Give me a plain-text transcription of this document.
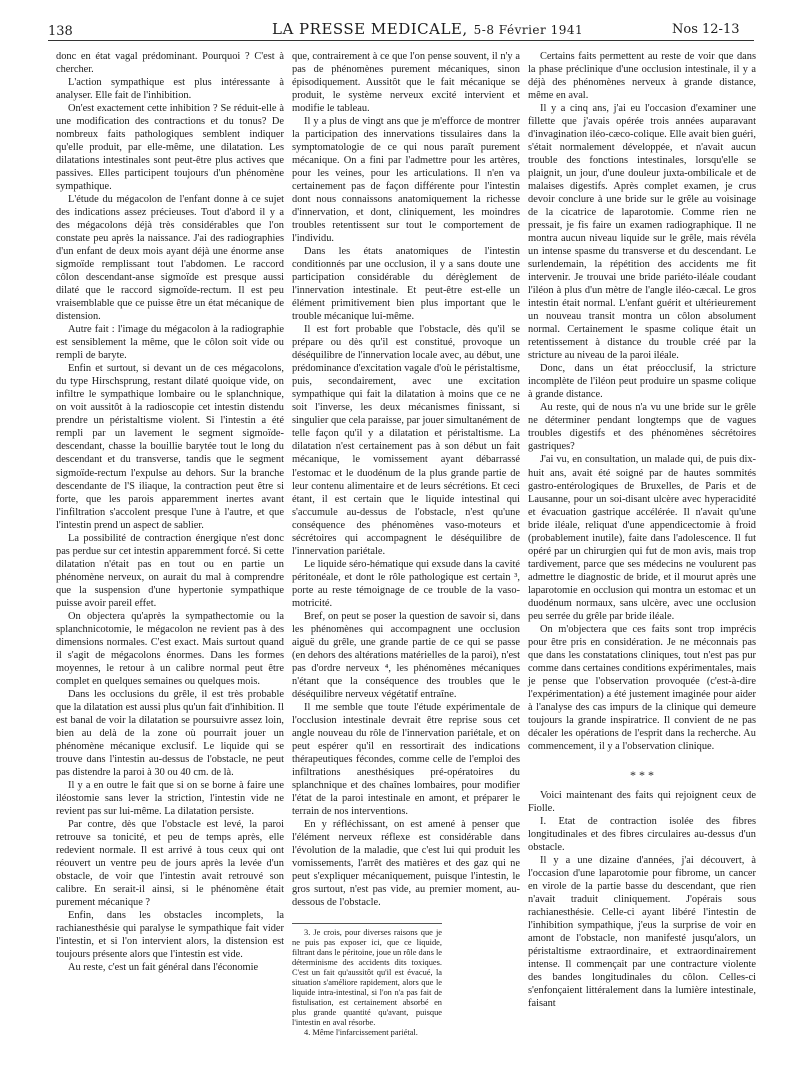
138	LA PRESSE MEDICALE, 5-8 Février 1941	Nos 12-13

donc en état vagal prédominant. Pourquoi ? C'est à chercher.

L'action sympathique est plus intéressante à analyser. Elle fait de l'inhibition.

On'est exactement cette inhibition ? Se réduit-elle à une modification des contractions et du tonus? De nombreux faits pathologiques semblent indiquer qu'elle produit, par elle-même, une dilatation. Les dilatations intestinales sont peut-être plus actives que passives. Elles participent toujours d'un phénomène sympathique.

L'étude du mégacolon de l'enfant donne à ce sujet des indications assez précieuses. Tout d'abord il y a des mégacolons déjà très considérables que l'on constate peu après la naissance. J'ai des radiographies d'un enfant de deux mois ayant déjà une énorme anse sigmoïde remplissant tout l'abdomen. Le raccord côlon descendant-anse sigmoïde est presque aussi dilaté que le raccord sigmoïde-rectum. Il est peu vraisemblable que ce puisse être un état mécanique de distension.

Autre fait : l'image du mégacolon à la radiographie est sensiblement la même, que le côlon soit vide ou rempli de baryte.

Enfin et surtout, si devant un de ces mégacolons, du type Hirschsprung, restant dilaté quoique vide, on infiltre le sympathique lombaire ou le splanchnique, on voit aussitôt à la radioscopie cet intestin distendu prendre un péristaltisme violent. Si l'intestin a été rempli par un lavement le segment sigmoïde-descendant, chasse la bouillie barytée tout le long du descendant et du transverse, tandis que le segment sigmoïde-rectum l'expulse au dehors. Sur la branche descendante de l'S iliaque, la contraction peut être si forte, que les parois apparemment inertes avant l'infiltration s'accolent presque l'une à l'autre, et que l'intestin prend un aspect de sablier.

La possibilité de contraction énergique n'est donc pas perdue sur cet intestin apparemment forcé. Si cette dilatation n'était pas en tout ou en partie un phénomène nerveux, on aurait du mal à comprendre que la suspension d'une hypertonie sympathique puisse avoir pareil effet.

On objectera qu'après la sympathectomie ou la splanchnicotomie, le mégacolon ne revient pas à des dimensions normales. C'est exact. Mais surtout quand il s'agit de mégacolons énormes. Dans les formes moyennes, le retour à un calibre normal peut être complet en quelques semaines ou quelques mois.

Dans les occlusions du grêle, il est très probable que la dilatation est aussi plus qu'un fait d'inhibition. Il est banal de voir la dilatation se poursuivre assez loin, bien au delà de la zone où pourrait jouer un phénomène mécanique exclusif. Le liquide qui se trouve dans l'intestin au-dessus de l'obstacle, ne peut pas distendre la paroi à 30 ou 40 cm. de là.

Il y a en outre le fait que si on se borne à faire une iléostomie sans lever la striction, l'intestin vide ne revient pas sur lui-même. La dilatation persiste.

Par contre, dès que l'obstacle est levé, la paroi retrouve sa tonicité, et peu de temps après, elle redevient normale. Il est arrivé à tous ceux qui ont réouvert un ventre peu de jours après la levée d'un obstacle, de voir que l'intestin avait retrouvé son calibre. En serait-il ainsi, si le phénomène était purement mécanique ?

Enfin, dans les obstacles incomplets, la rachianesthésie qui paralyse le sympathique fait vider l'intestin, et si l'on intervient alors, la distension est toujours présente alors que l'intestin est vide.

Au reste, c'est un fait général dans l'économie

que, contrairement à ce que l'on pense souvent, il n'y a pas de phénomènes purement mécaniques, sinon épisodiquement. Aussitôt que le fait mécanique se produit, le système nerveux excité intervient et modifie le tableau.

Il y a plus de vingt ans que je m'efforce de montrer la participation des innervations tissulaires dans la symptomatologie de ce qui nous paraît purement mécanique. On a fini par l'admettre pour les artères, pour les veines, pour les articulations. Il n'en va certainement pas de façon différente pour l'intestin dont nous connaissons anatomiquement la richesse d'innervation, et dont, cliniquement, les moindres troubles retentissent sur tout le comportement de l'individu.

Dans les états anatomiques de l'intestin conditionnés par une occlusion, il y a sans doute une participation considérable du dérèglement de l'innervation intestinale. Et peut-être est-elle un élément primitivement bien plus important que le trouble mécanique lui-même.

Il est fort probable que l'obstacle, dès qu'il se prépare ou dès qu'il est constitué, provoque un déséquilibre de l'innervation locale avec, au début, une prédominance d'excitation vagale d'où le péristaltisme, puis, secondairement, avec une excitation sympathique qui fait la dilatation à moins que ce ne soit l'inverse, les deux mécanismes finissant, si singulier que cela paraisse, par jouer simultanément de telle façon qu'il y a dilatation et péristaltisme. La dilatation n'est certainement pas à son début un fait mécanique, le vomissement ayant débarrassé l'estomac et le duodénum de la plus grande partie de leur contenu alimentaire et de leurs sécrétions. Et ceci étant, il est certain que le liquide intestinal qui s'accumule au-dessus de l'obstacle, n'est qu'une conséquence des phénomènes vaso-moteurs et sécrétoires qui accompagnent le déséquilibre de l'innervation pariétale.

Le liquide séro-hématique qui exsude dans la cavité péritonéale, et dont le rôle pathologique est certain ³, porte au reste témoignage de ce trouble de la vaso-motricité.

Bref, on peut se poser la question de savoir si, dans les phénomènes qui accompagnent une occlusion aiguë du grêle, une grande partie de ce qui se passe (en dehors des altérations matérielles de la paroi), n'est pas d'ordre nerveux ⁴, les phénomènes mécaniques n'étant que la conséquence des troubles que le déséquilibre nerveux végétatif entraîne.

Il me semble que toute l'étude expérimentale de l'occlusion intestinale devrait être reprise sous cet angle nouveau du rôle de l'innervation pariétale, et on peut espérer qu'il en ressortirait des indications thérapeutiques fécondes, comme celle de l'emploi des infiltrations anesthésiques pré-opératoires du splanchnique et des chaînes lombaires, pour modifier l'état de la paroi intestinale en amont, et préparer le terrain de nos interventions.

En y réfléchissant, on est amené à penser que l'élément nerveux réflexe est considérable dans l'évolution de la maladie, que c'est lui qui produit les vomissements, l'arrêt des matières et des gaz qui ne peut s'expliquer mécaniquement, puisque l'intestin, le gros surtout, n'est pas vide, au premier moment, au-dessous de l'obstacle.

3. Je crois, pour diverses raisons que je ne puis pas exposer ici, que ce liquide, filtrant dans le péritoine, joue un rôle dans le déterminisme des accidents dits toxiques. C'est un fait qu'aussitôt qu'il est évacué, la situation s'améliore rapidement, alors que le liquide intra-intestinal, si l'on n'a pas fait de fistulisation, est certainement absorbé en plus grande quantité qu'avant, puisque l'intestin en aval résorbe.

4. Même l'infarcissement pariétal.

Certains faits permettent au reste de voir que dans la phase préclinique d'une occlusion intestinale, il y a déjà des phénomènes nerveux à grande distance, même en aval.

Il y a cinq ans, j'ai eu l'occasion d'examiner une fillette que j'avais opérée trois années auparavant d'invagination iléo-cæco-colique. Elle avait bien guéri, s'était normalement développée, et n'avait aucun trouble des fonctions intestinales, lorsqu'elle se plaignit, un jour, d'une douleur juxta-ombilicale et de malaises digestifs. Après complet examen, je crus devoir conclure à une bride sur le grêle au voisinage de la cicatrice de laparotomie. Comme rien ne pressait, je fis faire un examen radiographique. Il ne montra aucun niveau liquide sur le grêle, mais révéla un intense spasme du transverse et du descendant. Le surlendemain, la répétition des accidents me fit intervenir. Je trouvai une bride pariéto-iléale coudant l'iléon à plus d'un mètre de l'angle iléo-cæcal. Le gros intestin était normal. L'enfant guérit et ultérieurement un nouveau transit montra un côlon absolument normal. Certainement le spasme colique était un retentissement à distance du trouble créé par la stricture au niveau de la paroi iléale.

Donc, dans un état préocclusif, la stricture incomplète de l'iléon peut produire un spasme colique à grande distance.

Au reste, qui de nous n'a vu une bride sur le grêle ne déterminer pendant longtemps que de vagues troubles digestifs et des phénomènes sécrétoires gastriques?

J'ai vu, en consultation, un malade qui, de puis dix-huit ans, avait été soigné par de hautes sommités gastro-entérologiques de Bruxelles, de Paris et de Lausanne, pour un soi-disant ulcère avec hyperacidité et évacuation gastrique accélérée. Il n'avait qu'une bride iléale, reliquat d'une appendicectomie à froid (probablement inutile), faite dans l'adolescence. Il fut opéré par un chirurgien qui fut de mon avis, mais trop tardivement, parce que ses médecins ne voulurent pas admettre le diagnostic de bride, et il mourut après une laparotomie en occlusion qui montra un estomac et un duodénum normaux, sans ulcère, avec une occlusion peu serrée du grêle par bride iléale.

On m'objectera que ces faits sont trop imprécis pour être pris en considération. Je ne méconnais pas que dans les constatations cliniques, tout n'est pas pur comme dans certaines conditions expérimentales, mais je pense que l'observation provoquée (c'est-à-dire l'expérimentation) a été justement imaginée pour aider à l'analyse des cas impurs de la clinique qui demeure toujours la grande inspiratrice. Il convient de ne pas décaler les opérations de l'esprit dans la recherche. Au commencement, il y a l'observation clinique.

* * *

Voici maintenant des faits qui rejoignent ceux de Fiolle.

I. Etat de contraction isolée des fibres longitudinales et des fibres circulaires au-dessus d'un obstacle.

Il y a une dizaine d'années, j'ai découvert, à l'occasion d'une laparotomie pour fibrome, un cancer en virole de la partie basse du descendant, que rien n'avait traduit cliniquement. J'opérais sous rachianesthésie. Celle-ci ayant libéré l'intestin de l'inhibition sympathique, j'eus la surprise de voir en amont de l'obstacle, non manifesté jusqu'alors, un péristaltisme extraordinaire, et extraordinairement intense. Il commençait par une contracture violente des bandes longitudinales du côlon. Celles-ci s'enfonçaient littéralement dans la lumière intestinale, faisant
